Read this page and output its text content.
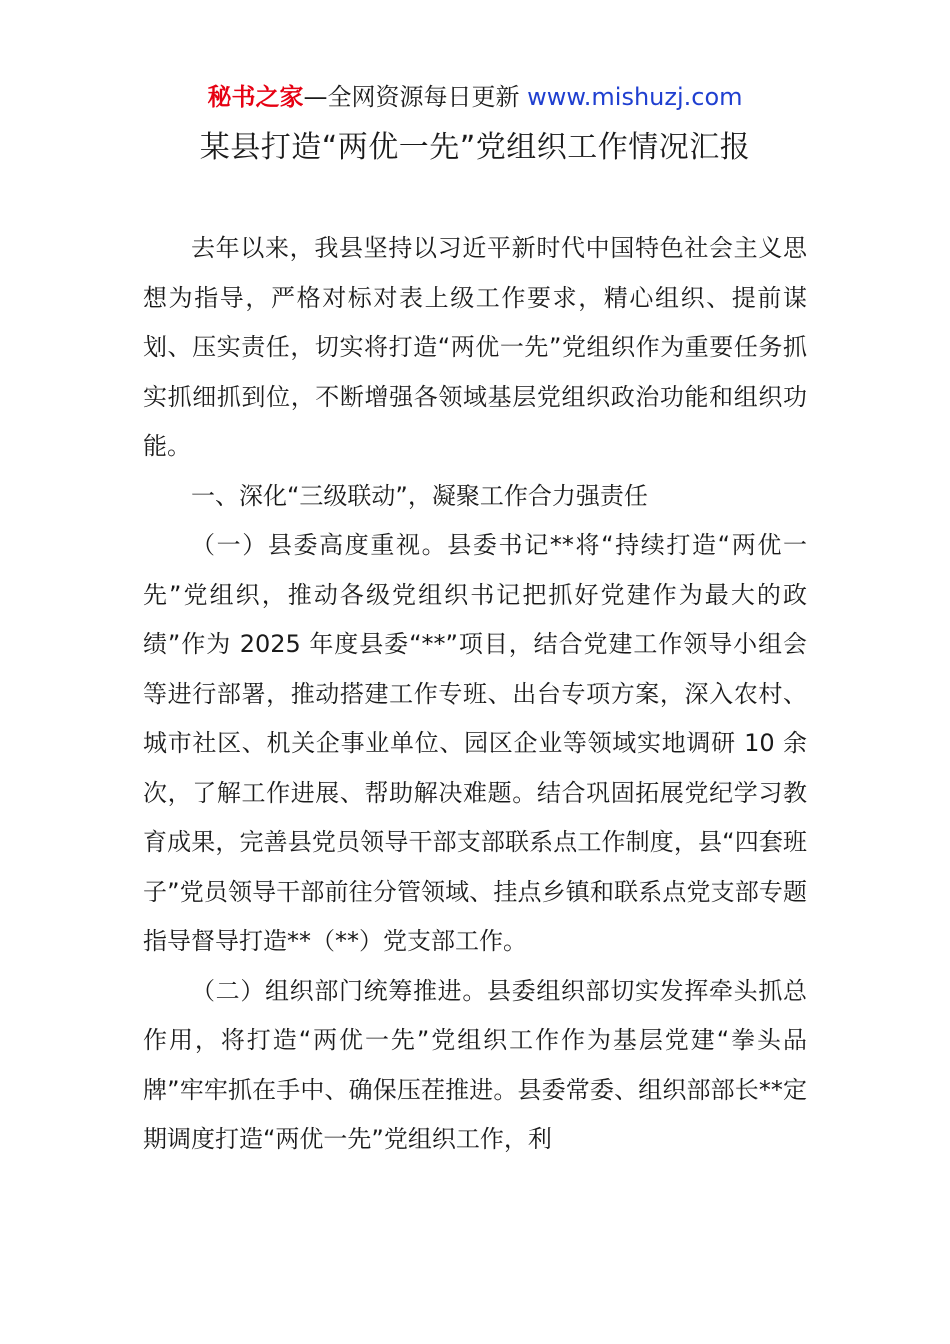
秘书之家—全网资源每日更新 www.mishuzj.com
某县打造“两优一先”党组织工作情况汇报

去年以来，我县坚持以习近平新时代中国特色社会主义思想为指导，严格对标对表上级工作要求，精心组织、提前谋划、压实责任，切实将打造“两优一先”党组织作为重要任务抓实抓细抓到位，不断增强各领域基层党组织政治功能和组织功能。

一、深化“三级联动”，凝聚工作合力强责任

（一）县委高度重视。县委书记**将“持续打造“两优一先”党组织，推动各级党组织书记把抓好党建作为最大的政绩”作为 2025 年度县委“**”项目，结合党建工作领导小组会等进行部署，推动搭建工作专班、出台专项方案，深入农村、城市社区、机关企事业单位、园区企业等领域实地调研 10 余次，了解工作进展、帮助解决难题。结合巩固拓展党纪学习教育成果，完善县党员领导干部支部联系点工作制度，县“四套班子”党员领导干部前往分管领域、挂点乡镇和联系点党支部专题指导督导打造**（**）党支部工作。

（二）组织部门统筹推进。县委组织部切实发挥牵头抓总作用，将打造“两优一先”党组织工作作为基层党建“拳头品牌”牢牢抓在手中、确保压茬推进。县委常委、组织部部长**定期调度打造“两优一先”党组织工作，利
